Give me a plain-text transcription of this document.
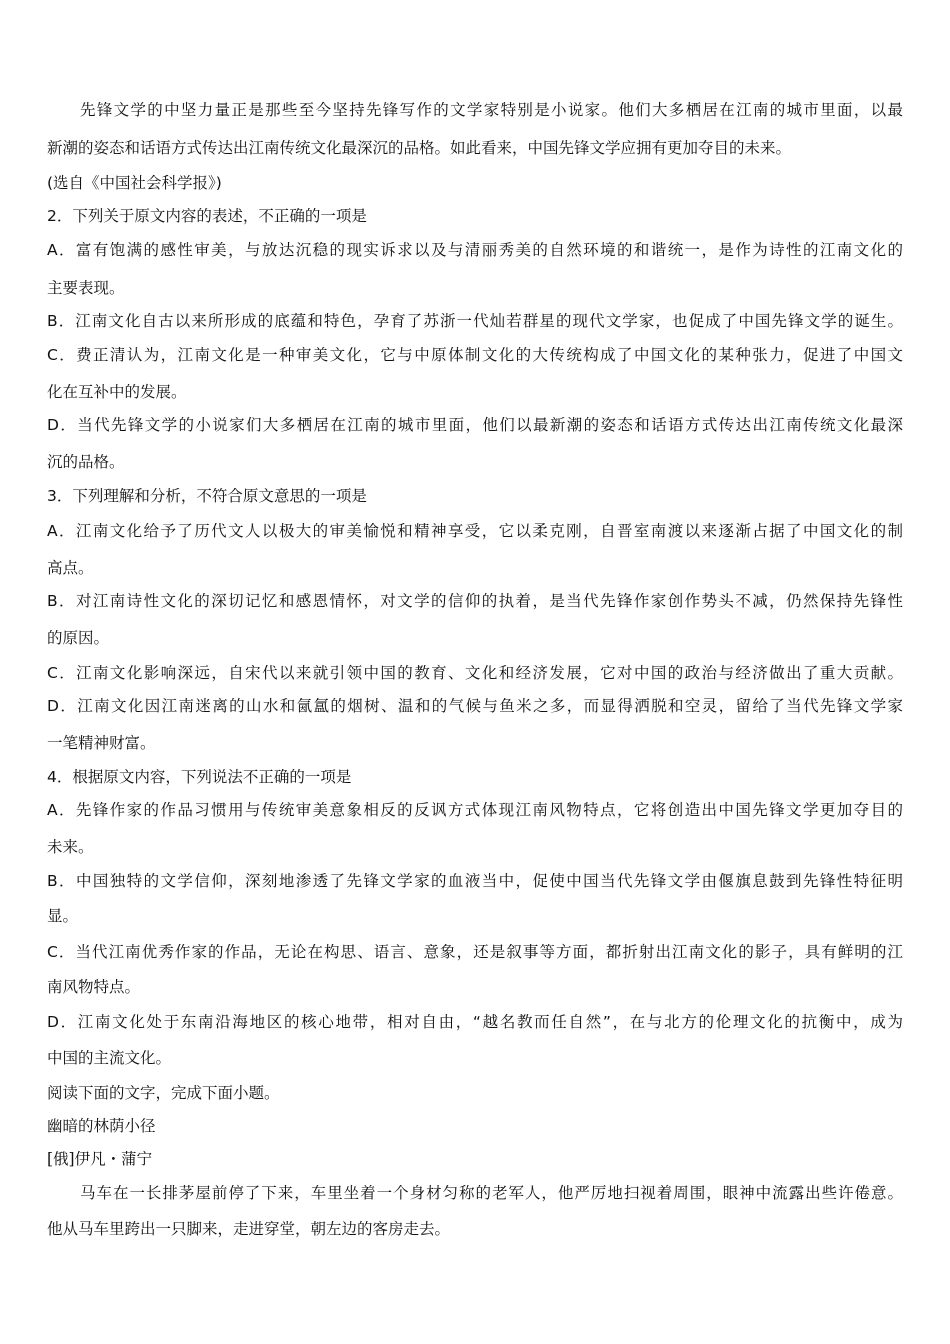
先锋文学的中坚力量正是那些至今坚持先锋写作的文学家特别是小说家。他们大多栖居在江南的城市里面，以最
新潮的姿态和话语方式传达出江南传统文化最深沉的品格。如此看来，中国先锋文学应拥有更加夺目的未来。
(选自《中国社会科学报》)
2．下列关于原文内容的表述，不正确的一项是
A．富有饱满的感性审美，与放达沉稳的现实诉求以及与清丽秀美的自然环境的和谐统一，是作为诗性的江南文化的
主要表现。
B．江南文化自古以来所形成的底蕴和特色，孕育了苏浙一代灿若群星的现代文学家，也促成了中国先锋文学的诞生。
C．费正清认为，江南文化是一种审美文化，它与中原体制文化的大传统构成了中国文化的某种张力，促进了中国文
化在互补中的发展。
D．当代先锋文学的小说家们大多栖居在江南的城市里面，他们以最新潮的姿态和话语方式传达出江南传统文化最深
沉的品格。
3．下列理解和分析，不符合原文意思的一项是
A．江南文化给予了历代文人以极大的审美愉悦和精神享受，它以柔克刚，自晋室南渡以来逐渐占据了中国文化的制
高点。
B．对江南诗性文化的深切记忆和感恩情怀，对文学的信仰的执着，是当代先锋作家创作势头不减，仍然保持先锋性
的原因。
C．江南文化影响深远，自宋代以来就引领中国的教育、文化和经济发展，它对中国的政治与经济做出了重大贡献。
D．江南文化因江南迷离的山水和氤氲的烟树、温和的气候与鱼米之多，而显得洒脱和空灵，留给了当代先锋文学家
一笔精神财富。
4．根据原文内容，下列说法不正确的一项是
A．先锋作家的作品习惯用与传统审美意象相反的反讽方式体现江南风物特点，它将创造出中国先锋文学更加夺目的
未来。
B．中国独特的文学信仰，深刻地渗透了先锋文学家的血液当中，促使中国当代先锋文学由偃旗息鼓到先锋性特征明
显。
C．当代江南优秀作家的作品，无论在构思、语言、意象，还是叙事等方面，都折射出江南文化的影子，具有鲜明的江
南风物特点。
D．江南文化处于东南沿海地区的核心地带，相对自由，“越名教而任自然”，在与北方的伦理文化的抗衡中，成为
中国的主流文化。
阅读下面的文字，完成下面小题。
幽暗的林荫小径
[俄]伊凡・蒲宁
马车在一长排茅屋前停了下来，车里坐着一个身材匀称的老军人，他严厉地扫视着周围，眼神中流露出些许倦意。
他从马车里跨出一只脚来，走进穿堂，朝左边的客房走去。
